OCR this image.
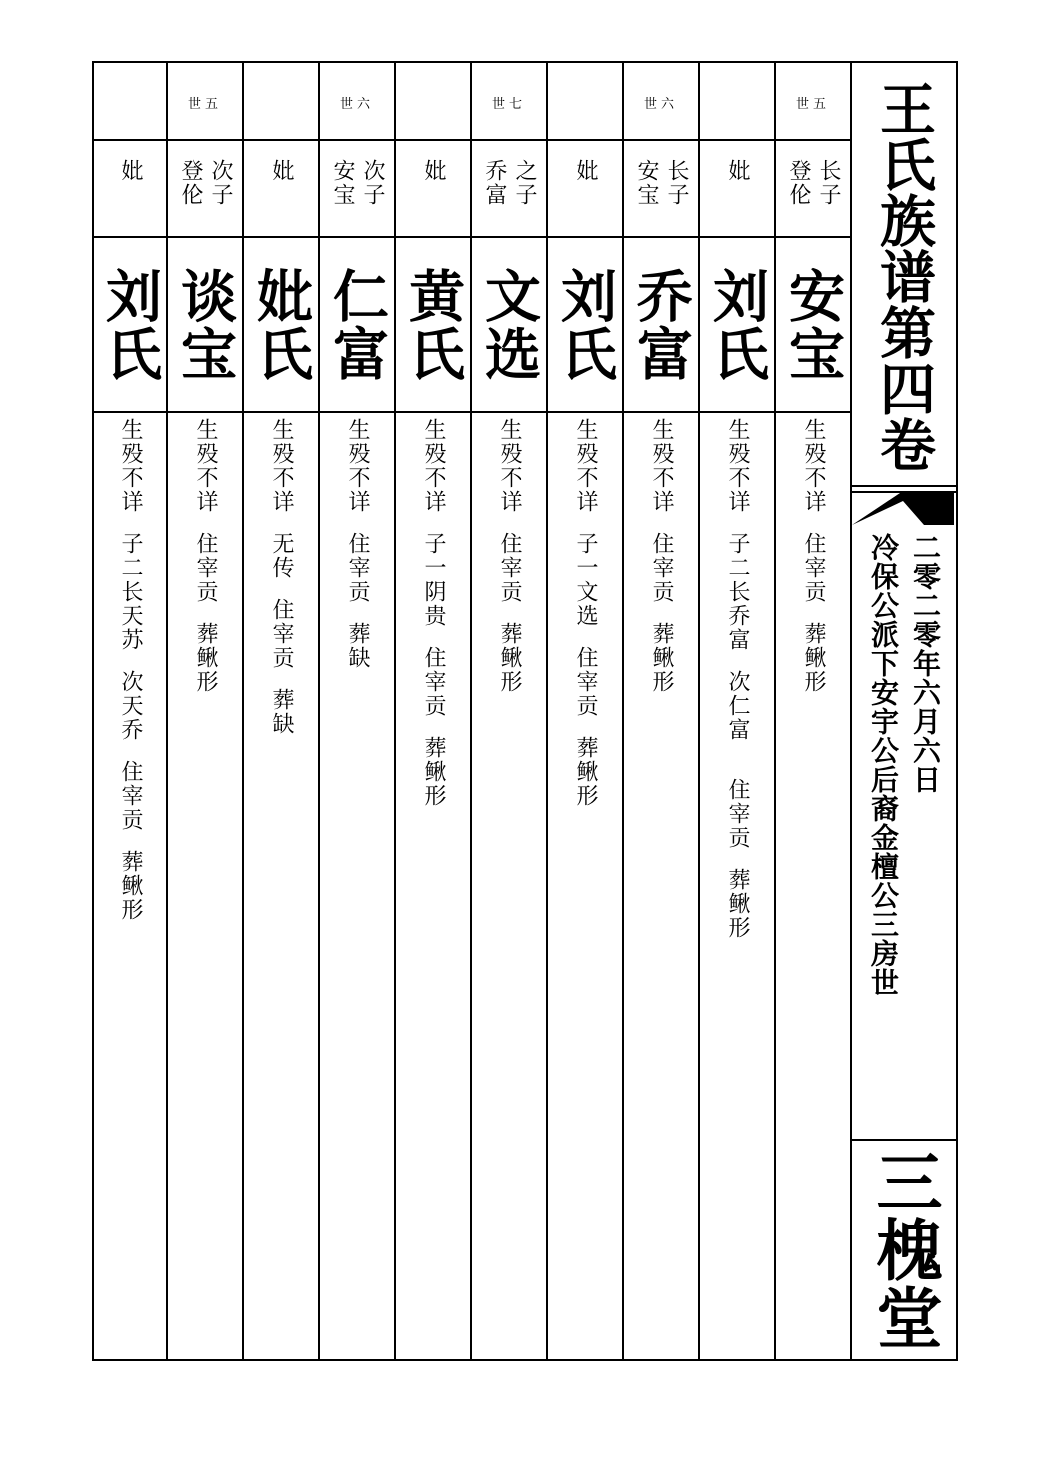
世五
登伦 长子
安宝
生殁不详  住宰贡  葬鳅形
妣
刘氏
生殁不详  子二长乔富  次仁富    住宰贡  葬鳅形
世六
安宝 长子
乔富
生殁不详  住宰贡  葬鳅形
妣
刘氏
生殁不详  子一文选  住宰贡  葬鳅形
世七
乔富 之子
文选
生殁不详  住宰贡  葬鳅形
妣
黄氏
生殁不详  子一阴贵  住宰贡  葬鳅形
世六
安宝 次子
仁富
生殁不详  住宰贡  葬缺
妣
妣氏
生殁不详  无传  住宰贡  葬缺
世五
登伦 次子
谈宝
生殁不详  住宰贡  葬鳅形
妣
刘氏
生殁不详  子二长天苏  次天乔  住宰贡  葬鳅形
王氏族谱第四卷
冷保公派下安宇公后裔金檀公三房世 二零二零年六月六日
三槐堂
